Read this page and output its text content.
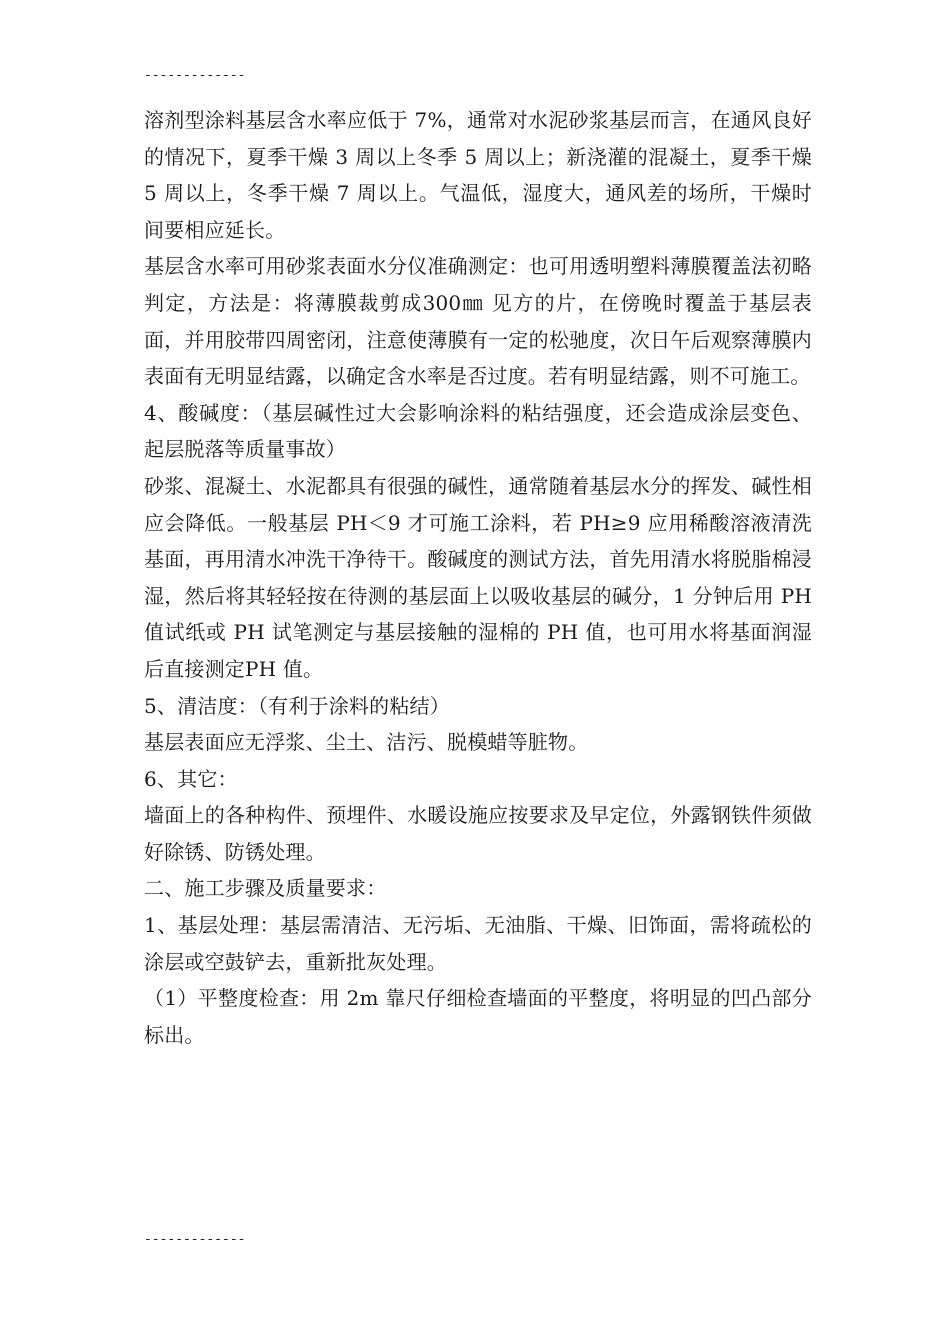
-------------

溶剂型涂料基层含水率应低于 7%，通常对水泥砂浆基层而言，在通风良好的情况下，夏季干燥 3 周以上冬季 5 周以上；新浇灌的混凝土，夏季干燥 5 周以上，冬季干燥 7 周以上。气温低，湿度大，通风差的场所，干燥时间要相应延长。

基层含水率可用砂浆表面水分仪准确测定：也可用透明塑料薄膜覆盖法初略判定，方法是：将薄膜裁剪成300㎜ 见方的片，在傍晚时覆盖于基层表面，并用胶带四周密闭，注意使薄膜有一定的松驰度，次日午后观察薄膜内表面有无明显结露，以确定含水率是否过度。若有明显结露，则不可施工。

4、酸碱度：（基层碱性过大会影响涂料的粘结强度，还会造成涂层变色、起层脱落等质量事故）

砂浆、混凝土、水泥都具有很强的碱性，通常随着基层水分的挥发、碱性相应会降低。一般基层 PH＜9 才可施工涂料，若 PH≥9 应用稀酸溶液清洗基面，再用清水冲洗干净待干。酸碱度的测试方法，首先用清水将脱脂棉浸湿，然后将其轻轻按在待测的基层面上以吸收基层的碱分，1 分钟后用 PH 值试纸或 PH 试笔测定与基层接触的湿棉的 PH 值，也可用水将基面润湿后直接测定PH 值。

5、清洁度：（有利于涂料的粘结）

基层表面应无浮浆、尘土、洁污、脱模蜡等脏物。

6、其它：

墙面上的各种构件、预埋件、水暖设施应按要求及早定位，外露钢铁件须做好除锈、防锈处理。

二、施工步骤及质量要求：

1、基层处理：基层需清洁、无污垢、无油脂、干燥、旧饰面，需将疏松的涂层或空鼓铲去，重新批灰处理。

（1）平整度检查：用 2m 靠尺仔细检查墙面的平整度，将明显的凹凸部分标出。

-------------
